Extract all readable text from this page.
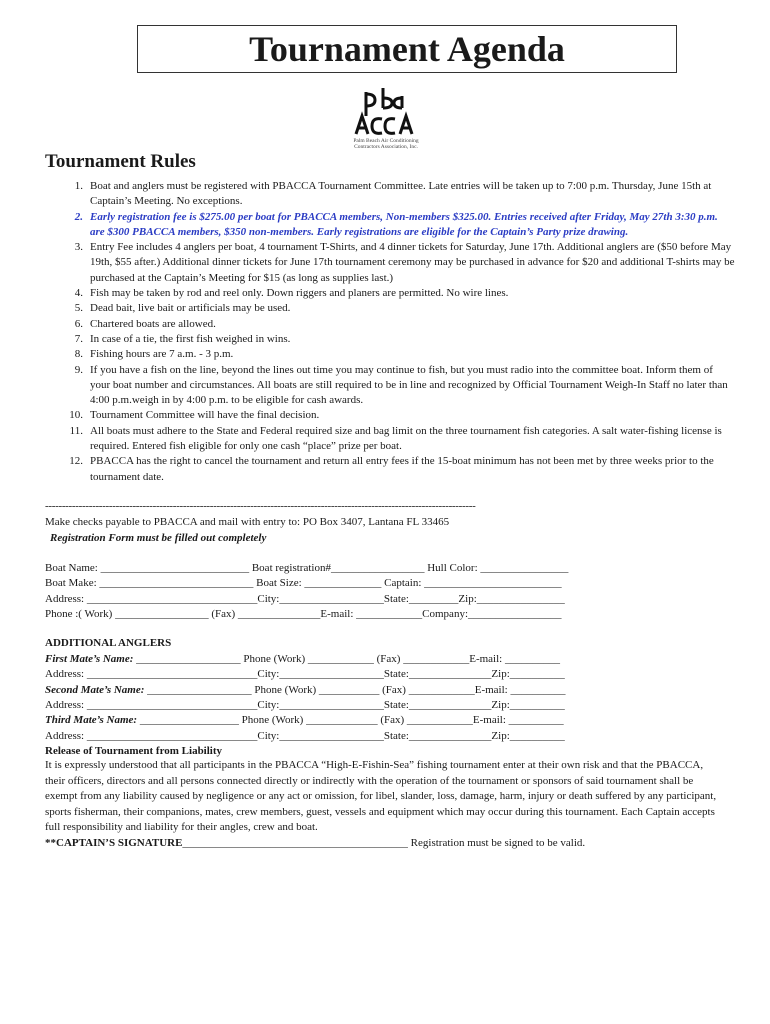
Tournament Agenda
Palm Beach Air Conditioning
Contractors Association, Inc.
Tournament Rules
1. Boat and anglers must be registered with PBACCA Tournament Committee. Late entries will be taken up to 7:00 p.m. Thursday, June 15th at Captain’s Meeting. No exceptions.
2. Early registration fee is $275.00 per boat for PBACCA members, Non-members $325.00. Entries received after Friday, May 27th 3:30 p.m. are $300 PBACCA members, $350 non-members. Early registrations are eligible for the Captain’s Party prize drawing.
3. Entry Fee includes 4 anglers per boat, 4 tournament T-Shirts, and 4 dinner tickets for Saturday, June 17th. Additional anglers are ($50 before May 19th, $55 after.) Additional dinner tickets for June 17th tournament ceremony may be purchased in advance for $20 and additional T-shirts may be purchased at the Captain’s Meeting for $15 (as long as supplies last.)
4. Fish may be taken by rod and reel only. Down riggers and planers are permitted. No wire lines.
5. Dead bait, live bait or artificials may be used.
6. Chartered boats are allowed.
7. In case of a tie, the first fish weighed in wins.
8. Fishing hours are 7 a.m. - 3 p.m.
9. If you have a fish on the line, beyond the lines out time you may continue to fish, but you must radio into the committee boat. Inform them of your boat number and circumstances. All boats are still required to be in line and recognized by Official Tournament Weigh-In Staff no later than 4:00 p.m.weigh in by 4:00 p.m. to be eligible for cash awards.
10. Tournament Committee will have the final decision.
11. All boats must adhere to the State and Federal required size and bag limit on the three tournament fish categories. A salt water-fishing license is required. Entered fish eligible for only one cash “place” prize per boat.
12. PBACCA has the right to cancel the tournament and return all entry fees if the 15-boat minimum has not been met by three weeks prior to the tournament date.
--------------------------------------------------------------------------------------------------------------------------------
Make checks payable to PBACCA and mail with entry to: PO Box 3407, Lantana FL 33465
Registration Form must be filled out completely
Boat Name: ___________________________ Boat registration#_________________ Hull Color: ________________
Boat Make: ____________________________ Boat Size: ______________ Captain: _________________________
Address: _______________________________City:___________________State:_________Zip:________________
Phone :( Work) _________________ (Fax) _______________E-mail: ____________Company:_________________
ADDITIONAL ANGLERS
First Mate’s Name: ___________________ Phone (Work) ____________ (Fax) ____________E-mail: __________
Address: _______________________________City:___________________State:_______________Zip:__________
Second Mate’s Name: ___________________ Phone (Work) ___________ (Fax) ____________E-mail: __________
Address: _______________________________City:___________________State:_______________Zip:__________
Third Mate’s Name: __________________ Phone (Work) _____________ (Fax) ____________E-mail: __________
Address: _______________________________City:___________________State:_______________Zip:__________
Release of Tournament from Liability
It is expressly understood that all participants in the PBACCA “High-E-Fishin-Sea” fishing tournament enter at their own risk and that the PBACCA, their officers, directors and all persons connected directly or indirectly with the operation of the tournament or sponsors of said tournament shall be exempt from any liability caused by negligence or any act or omission, for libel, slander, loss, damage, harm, injury or death suffered by any participant, sports fisherman, their companions, mates, crew members, guest, vessels and equipment which may occur during this tournament. Each Captain accepts full responsibility and liability for their angles, crew and boat.
**CAPTAIN’S SIGNATURE_________________________________________ Registration must be signed to be valid.
